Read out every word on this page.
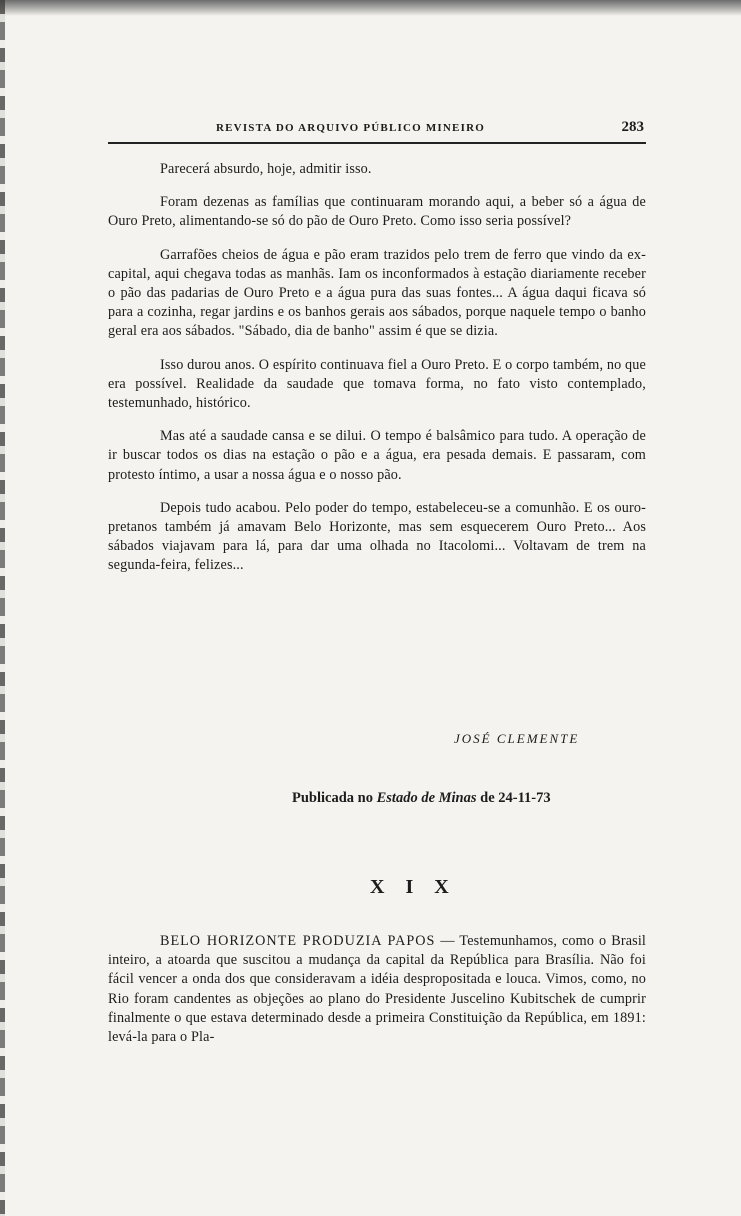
REVISTA DO ARQUIVO PÚBLICO MINEIRO	283

Parecerá absurdo, hoje, admitir isso.

Foram dezenas as famílias que continuaram morando aqui, a beber só a água de Ouro Preto, alimentando-se só do pão de Ouro Preto. Como isso seria possível?

Garrafões cheios de água e pão eram trazidos pelo trem de ferro que vindo da ex-capital, aqui chegava todas as manhãs. Iam os inconformados à estação diariamente receber o pão das padarias de Ouro Preto e a água pura das suas fontes... A água daqui ficava só para a cozinha, regar jardins e os banhos gerais aos sábados, porque naquele tempo o banho geral era aos sábados. "Sábado, dia de banho" assim é que se dizia.

Isso durou anos. O espírito continuava fiel a Ouro Preto. E o corpo também, no que era possível. Realidade da saudade que tomava forma, no fato visto contemplado, testemunhado, histórico.

Mas até a saudade cansa e se dilui. O tempo é balsâmico para tudo. A operação de ir buscar todos os dias na estação o pão e a água, era pesada demais. E passaram, com protesto íntimo, a usar a nossa água e o nosso pão.

Depois tudo acabou. Pelo poder do tempo, estabeleceu-se a comunhão. E os ouro-pretanos também já amavam Belo Horizonte, mas sem esquecerem Ouro Preto... Aos sábados viajavam para lá, para dar uma olhada no Itacolomi... Voltavam de trem na segunda-feira, felizes...

JOSÉ CLEMENTE
Publicada no Estado de Minas de 24-11-73
X I X

BELO HORIZONTE PRODUZIA PAPOS — Testemunhamos, como o Brasil inteiro, a atoarda que suscitou a mudança da capital da República para Brasília. Não foi fácil vencer a onda dos que consideravam a idéia despropositada e louca. Vimos, como, no Rio foram candentes as objeções ao plano do Presidente Juscelino Kubitschek de cumprir finalmente o que estava determinado desde a primeira Constituição da República, em 1891: levá-la para o Pla-
